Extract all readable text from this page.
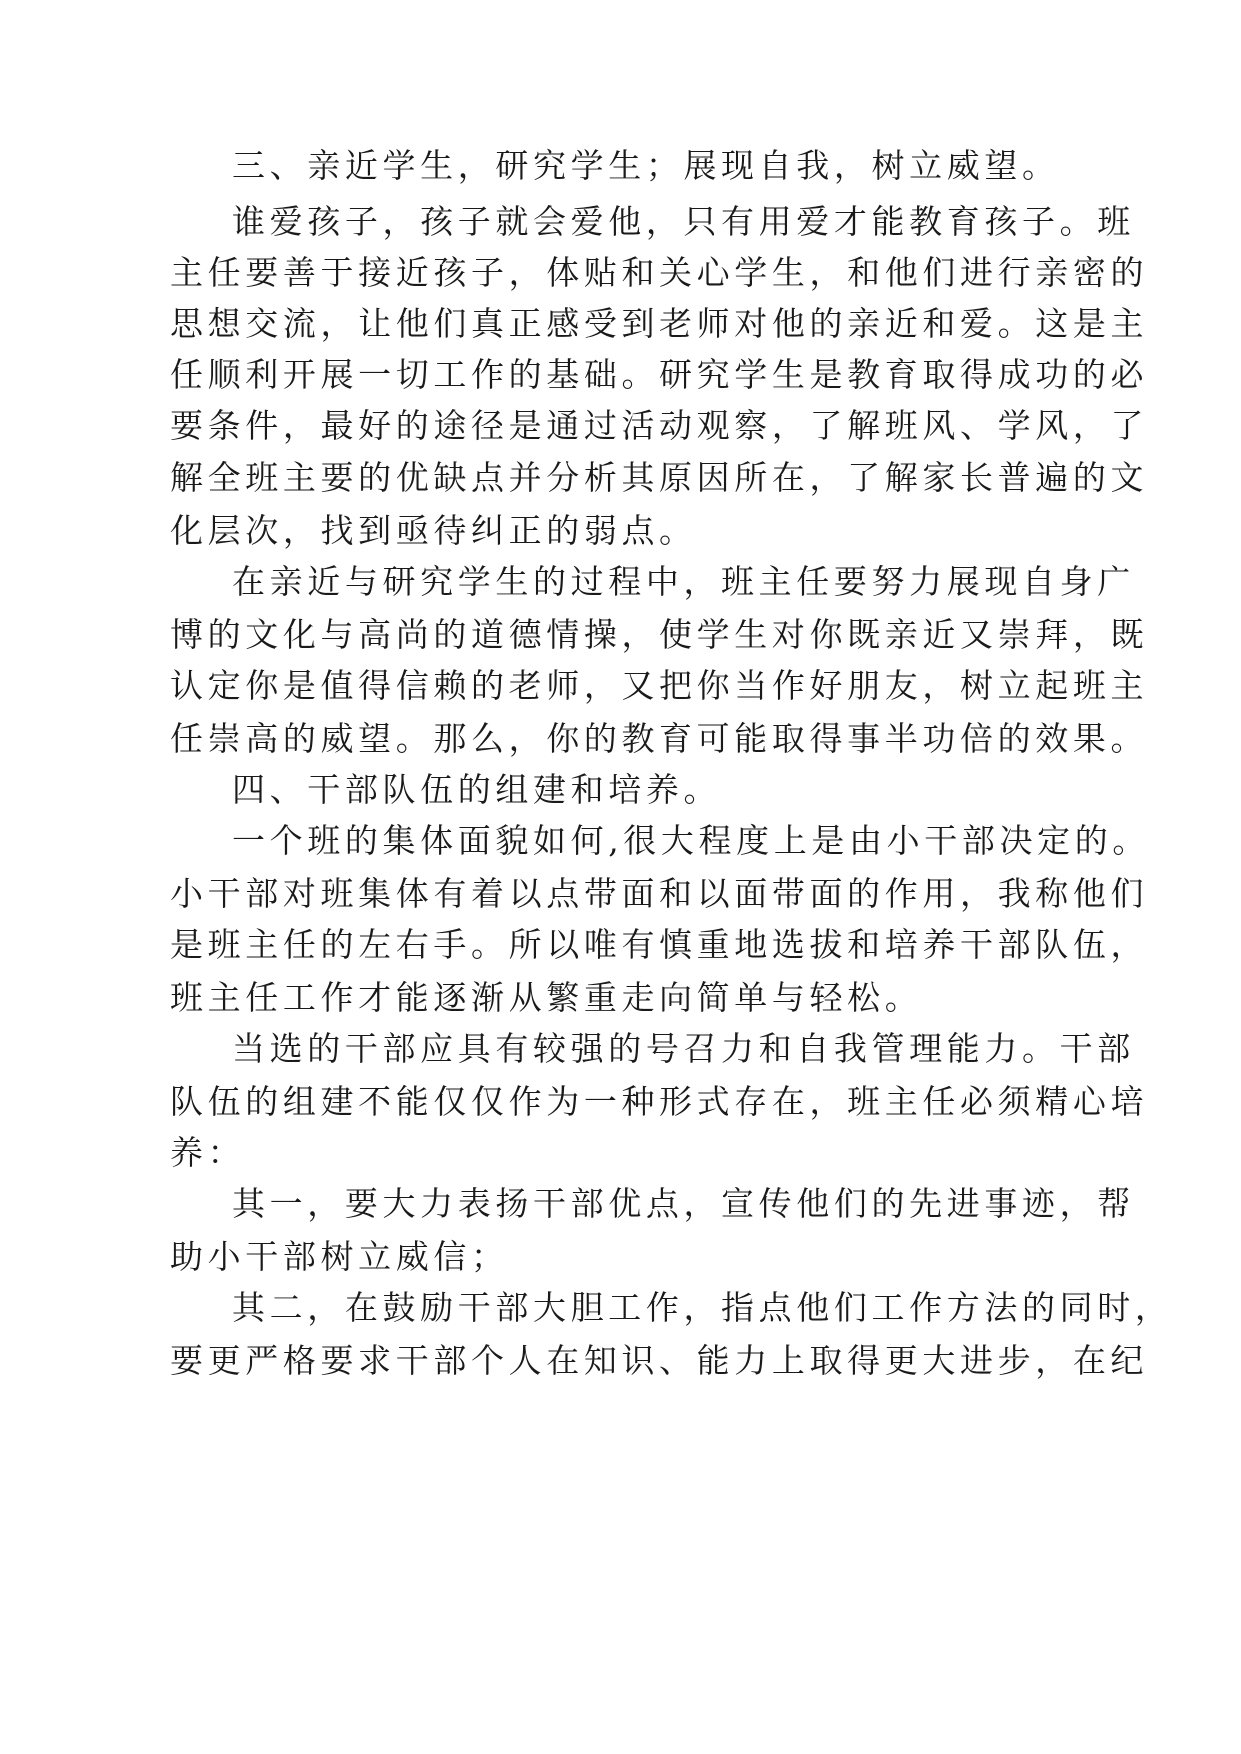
三、亲近学生，研究学生；展现自我，树立威望。
谁爱孩子，孩子就会爱他，只有用爱才能教育孩子。班
主任要善于接近孩子，体贴和关心学生，和他们进行亲密的
思想交流，让他们真正感受到老师对他的亲近和爱。这是主
任顺利开展一切工作的基础。研究学生是教育取得成功的必
要条件，最好的途径是通过活动观察，了解班风、学风，了
解全班主要的优缺点并分析其原因所在，了解家长普遍的文
化层次，找到亟待纠正的弱点。
在亲近与研究学生的过程中，班主任要努力展现自身广
博的文化与高尚的道德情操，使学生对你既亲近又崇拜，既
认定你是值得信赖的老师，又把你当作好朋友，树立起班主
任崇高的威望。那么，你的教育可能取得事半功倍的效果。
四、干部队伍的组建和培养。
一个班的集体面貌如何,很大程度上是由小干部决定的。
小干部对班集体有着以点带面和以面带面的作用，我称他们
是班主任的左右手。所以唯有慎重地选拔和培养干部队伍，
班主任工作才能逐渐从繁重走向简单与轻松。
当选的干部应具有较强的号召力和自我管理能力。干部
队伍的组建不能仅仅作为一种形式存在，班主任必须精心培
养：
其一，要大力表扬干部优点，宣传他们的先进事迹，帮
助小干部树立威信；
其二，在鼓励干部大胆工作，指点他们工作方法的同时，
要更严格要求干部个人在知识、能力上取得更大进步，在纪
